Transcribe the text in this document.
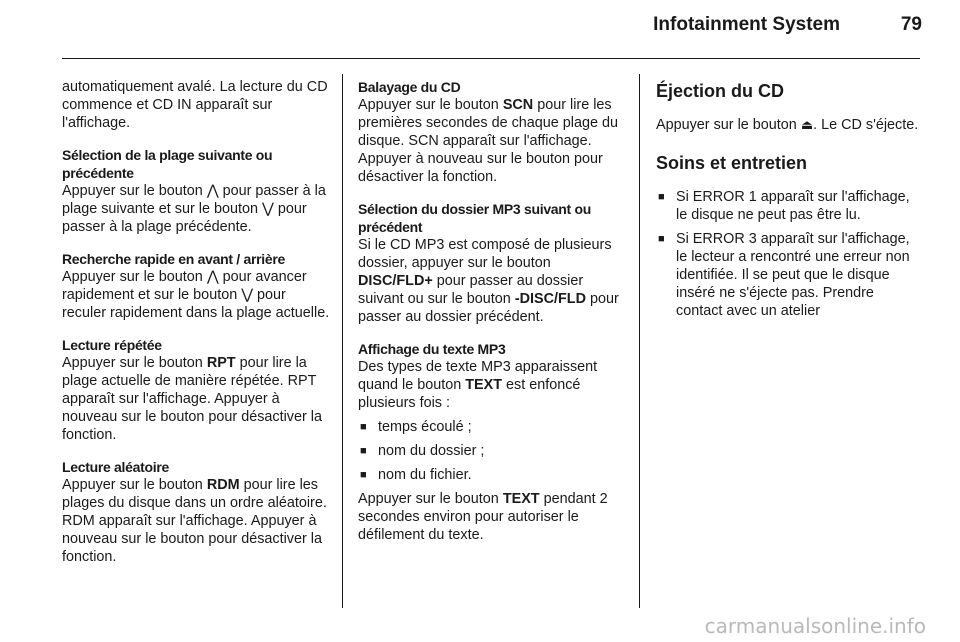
Infotainment System	79

automatiquement avalé. La lecture du CD commence et CD IN apparaît sur l'affichage.

Sélection de la plage suivante ou précédente

Appuyer sur le bouton ⋀ pour passer à la plage suivante et sur le bouton ⋁ pour passer à la plage précédente.

Recherche rapide en avant / arrière

Appuyer sur le bouton ⋀ pour avancer rapidement et sur le bouton ⋁ pour reculer rapidement dans la plage actuelle.

Lecture répétée

Appuyer sur le bouton RPT pour lire la plage actuelle de manière répétée. RPT apparaît sur l'affichage. Appuyer à nouveau sur le bouton pour désactiver la fonction.

Lecture aléatoire

Appuyer sur le bouton RDM pour lire les plages du disque dans un ordre aléatoire. RDM apparaît sur l'affichage. Appuyer à nouveau sur le bouton pour désactiver la fonction.

Balayage du CD

Appuyer sur le bouton SCN pour lire les premières secondes de chaque plage du disque. SCN apparaît sur l'affichage. Appuyer à nouveau sur le bouton pour désactiver la fonction.

Sélection du dossier MP3 suivant ou précédent

Si le CD MP3 est composé de plusieurs dossier, appuyer sur le bouton DISC/FLD+ pour passer au dossier suivant ou sur le bouton -DISC/FLD pour passer au dossier précédent.

Affichage du texte MP3

Des types de texte MP3 apparaissent quand le bouton TEXT est enfoncé plusieurs fois :

■ temps écoulé ;
■ nom du dossier ;
■ nom du fichier.

Appuyer sur le bouton TEXT pendant 2 secondes environ pour autoriser le défilement du texte.

Éjection du CD

Appuyer sur le bouton ⏏. Le CD s'éjecte.

Soins et entretien

■ Si ERROR 1 apparaît sur l'affichage, le disque ne peut pas être lu.
■ Si ERROR 3 apparaît sur l'affichage, le lecteur a rencontré une erreur non identifiée. Il se peut que le disque inséré ne s'éjecte pas. Prendre contact avec un atelier
carmanualsonline.info
